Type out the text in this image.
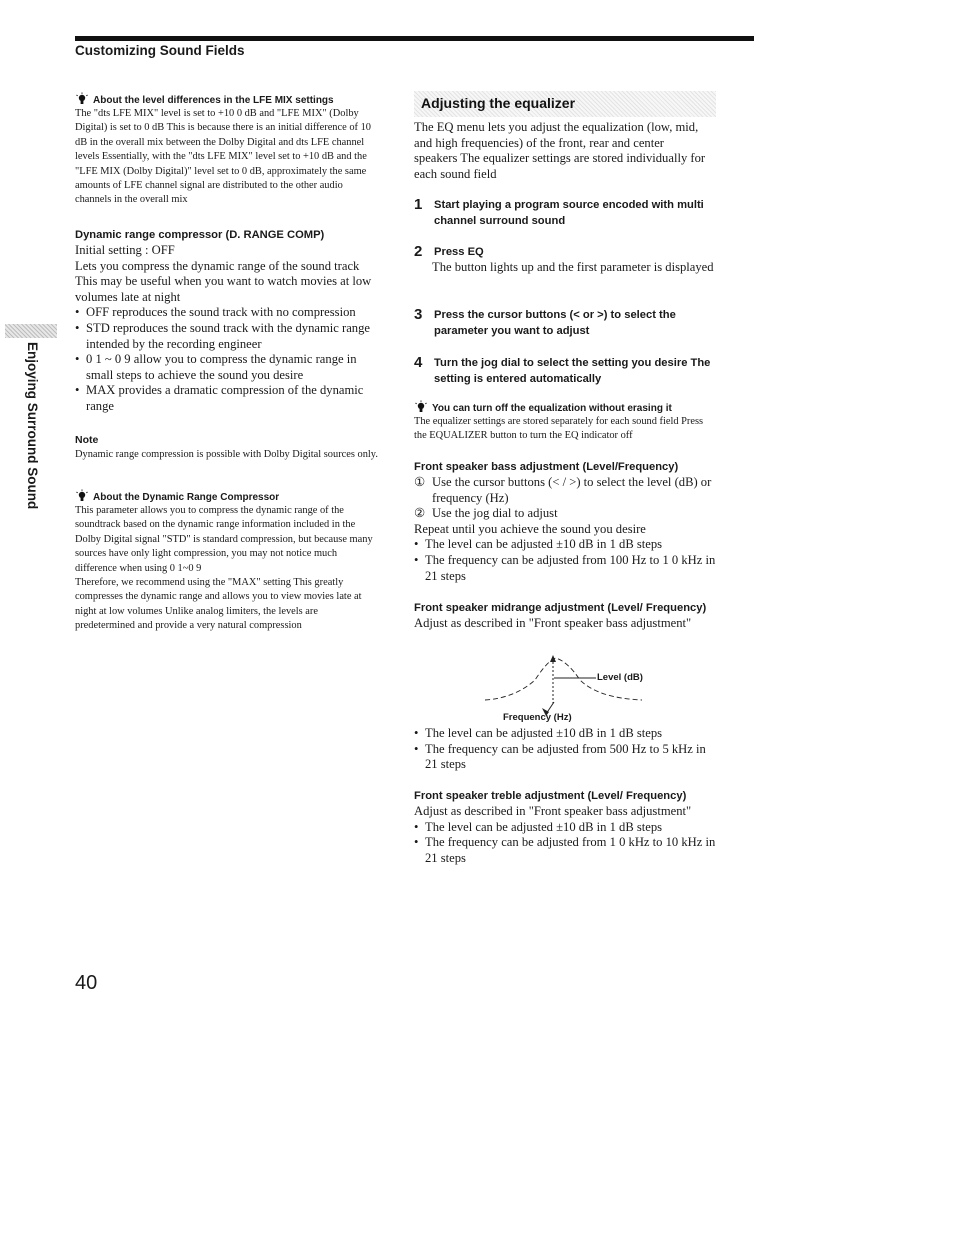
Customizing Sound Fields
Enjoying Surround Sound

About the level differences in the LFE MIX settings

The "dts LFE MIX" level is set to +10 0 dB and "LFE MIX" (Dolby Digital) is set to 0 dB This is because there is an initial difference of 10 dB in the overall mix between the Dolby Digital and dts LFE channel levels Essentially, with the "dts LFE MIX" level set to +10 dB and the "LFE MIX (Dolby Digital)" level set to 0 dB, approximately the same amounts of LFE channel signal are distributed to the other audio channels in the overall mix

Dynamic range compressor (D. RANGE COMP)

Initial setting : OFF

Lets you compress the dynamic range of the sound track This may be useful when you want to watch movies at low volumes late at night

• OFF reproduces the sound track with no compression
• STD reproduces the sound track with the dynamic range intended by the recording engineer
• 0 1 ~ 0 9 allow you to compress the dynamic range in small steps to achieve the sound you desire
• MAX provides a dramatic compression of the dynamic range

Note

Dynamic range compression is possible with Dolby Digital sources only.

About the Dynamic Range Compressor

This parameter allows you to compress the dynamic range of the soundtrack based on the dynamic range information included in the Dolby Digital signal "STD" is standard compression, but because many sources have only light compression, you may not notice much difference when using 0 1~0 9

Therefore, we recommend using the "MAX" setting This greatly compresses the dynamic range and allows you to view movies late at night at low volumes Unlike analog limiters, the levels are predetermined and provide a very natural compression

Adjusting the equalizer

The EQ menu lets you adjust the equalization (low, mid, and high frequencies) of the front, rear and center speakers The equalizer settings are stored individually for each sound field

1	Start playing a program source encoded with multi channel surround sound
2	Press EQ

The button lights up and the first parameter is displayed

3	Press the cursor buttons (< or >) to select the parameter you want to adjust
4	Turn the jog dial to select the setting you desire The setting is entered automatically

You can turn off the equalization without erasing it

The equalizer settings are stored separately for each sound field Press the EQUALIZER button to turn the EQ indicator off

Front speaker bass adjustment (Level/Frequency)

① Use the cursor buttons (< / >) to select the level (dB) or frequency (Hz)
② Use the jog dial to adjust

Repeat until you achieve the sound you desire

• The level can be adjusted ±10 dB in 1 dB steps
• The frequency can be adjusted from 100 Hz to 1 0 kHz in 21 steps

Front speaker midrange adjustment (Level/ Frequency)

Adjust as described in "Front speaker bass adjustment"

• The level can be adjusted ±10 dB in 1 dB steps
• The frequency can be adjusted from 500 Hz to 5 kHz in 21 steps

Front speaker treble adjustment (Level/ Frequency)

Adjust as described in "Front speaker bass adjustment"

• The level can be adjusted ±10 dB in 1 dB steps
• The frequency can be adjusted from 1 0 kHz to 10 kHz in 21 steps
Level (dB)
Frequency (Hz)
40
